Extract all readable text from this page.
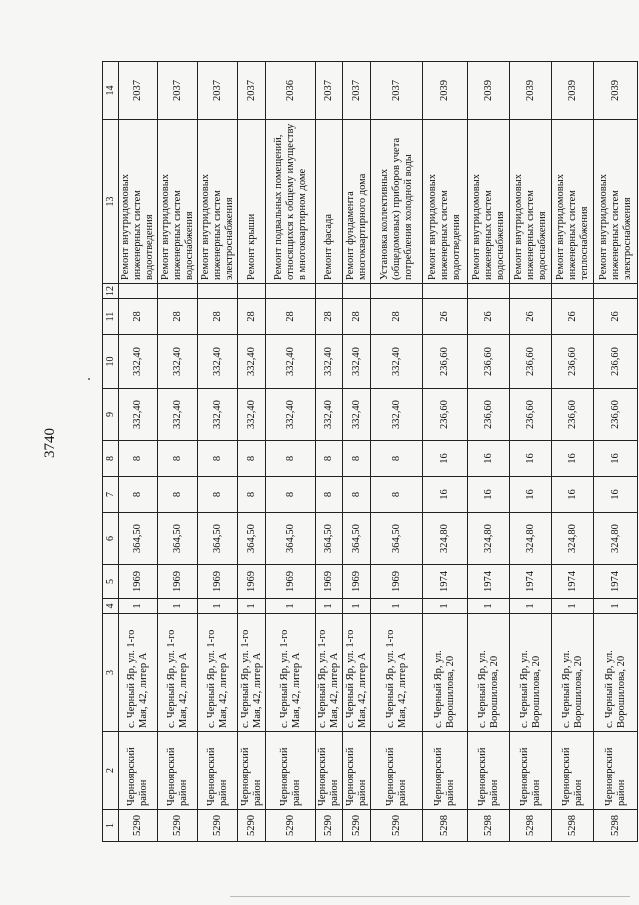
3740
1	2	3	4	5	6	7	8	9	10	11	12	13	14
5290	Чернoярский район	с. Черный Яр, ул. 1-го Мая, 42, литер А	1	1969	364,50	8	8	332,40	332,40	28		Ремонт внутридомовых инженерных систем водоотведения	2037
5290	Черноярский район	с. Черный Яр, ул. 1-го Мая, 42, литер А	1	1969	364,50	8	8	332,40	332,40	28		Ремонт внутридомовых инженерных систем водоснабжения	2037
5290	Черноярский район	с. Черный Яр, ул. 1-го Мая, 42, литер А	1	1969	364,50	8	8	332,40	332,40	28		Ремонт внутридомовых инженерных систем электроснабжения	2037
5290	Черноярский район	с. Черный Яр, ул. 1-го Мая, 42, литер А	1	1969	364,50	8	8	332,40	332,40	28		Ремонт крыши	2037
5290	Черноярский район	с. Черный Яр, ул. 1-го Мая, 42, литер А	1	1969	364,50	8	8	332,40	332,40	28		Ремонт подвальных помещений, относящихся к общему имуществу в многоквартирном доме	2036
5290	Черноярский район	с. Черный Яр, ул. 1-го Мая, 42, литер А	1	1969	364,50	8	8	332,40	332,40	28		Ремонт фасада	2037
5290	Черноярский район	с. Черный Яр, ул. 1-го Мая, 42, литер А	1	1969	364,50	8	8	332,40	332,40	28		Ремонт фундамента многоквартирного дома	2037
5290	Черноярский район	с. Черный Яр, ул. 1-го Мая, 42, литер А	1	1969	364,50	8	8	332,40	332,40	28		Установка коллективных (общедомовых) приборов учета потребления холодной воды	2037
5298	Черноярский район	с. Черный Яр, ул. Ворошилова, 20	1	1974	324,80	16	16	236,60	236,60	26		Ремонт внутридомовых инженерных систем водоотведения	2039
5298	Черноярский район	с. Черный Яр, ул. Ворошилова, 20	1	1974	324,80	16	16	236,60	236,60	26		Ремонт внутридомовых инженерных систем водоснабжения	2039
5298	Черноярский район	с. Черный Яр, ул. Ворошилова, 20	1	1974	324,80	16	16	236,60	236,60	26		Ремонт внутридомовых инженерных систем водоснабжения	2039
5298	Черноярский район	с. Черный Яр, ул. Ворошилова, 20	1	1974	324,80	16	16	236,60	236,60	26		Ремонт внутридомовых инженерных систем теплоснабжения	2039
5298	Черноярский район	с. Черный Яр, ул. Ворошилова, 20	1	1974	324,80	16	16	236,60	236,60	26		Ремонт внутридомовых инженерных систем электроснабжения	2039
